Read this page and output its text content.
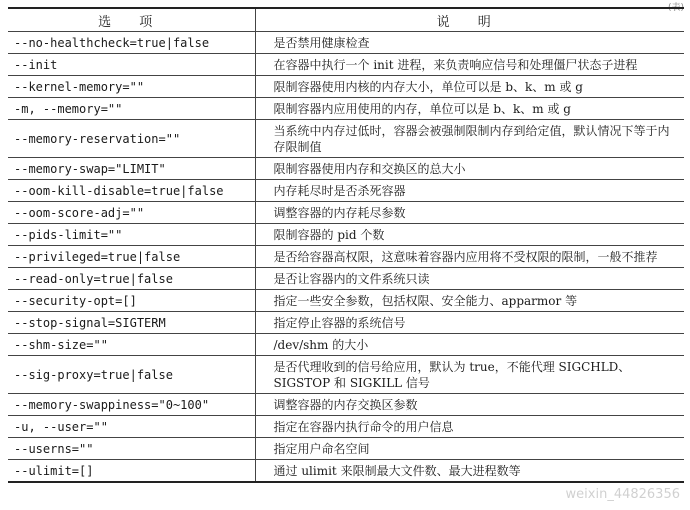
(表)
选 项	说 明
--no-healthcheck=true|false	是否禁用健康检查
--init	在容器中执行一个 init 进程，来负责响应信号和处理僵尸状态子进程
--kernel-memory=""	限制容器使用内核的内存大小，单位可以是 b、k、m 或 g
-m, --memory=""	限制容器内应用使用的内存，单位可以是 b、k、m 或 g
--memory-reservation=""	当系统中内存过低时，容器会被强制限制内存到给定值，默认情况下等于内存限制值
--memory-swap="LIMIT"	限制容器使用内存和交换区的总大小
--oom-kill-disable=true|false	内存耗尽时是否杀死容器
--oom-score-adj=""	调整容器的内存耗尽参数
--pids-limit=""	限制容器的 pid 个数
--privileged=true|false	是否给容器高权限，这意味着容器内应用将不受权限的限制，一般不推荐
--read-only=true|false	是否让容器内的文件系统只读
--security-opt=[]	指定一些安全参数，包括权限、安全能力、apparmor 等
--stop-signal=SIGTERM	指定停止容器的系统信号
--shm-size=""	/dev/shm 的大小
--sig-proxy=true|false	是否代理收到的信号给应用，默认为 true，不能代理 SIGCHLD、SIGSTOP 和 SIGKILL 信号
--memory-swappiness="0~100"	调整容器的内存交换区参数
-u, --user=""	指定在容器内执行命令的用户信息
--userns=""	指定用户命名空间
--ulimit=[]	通过 ulimit 来限制最大文件数、最大进程数等
weixin_44826356
